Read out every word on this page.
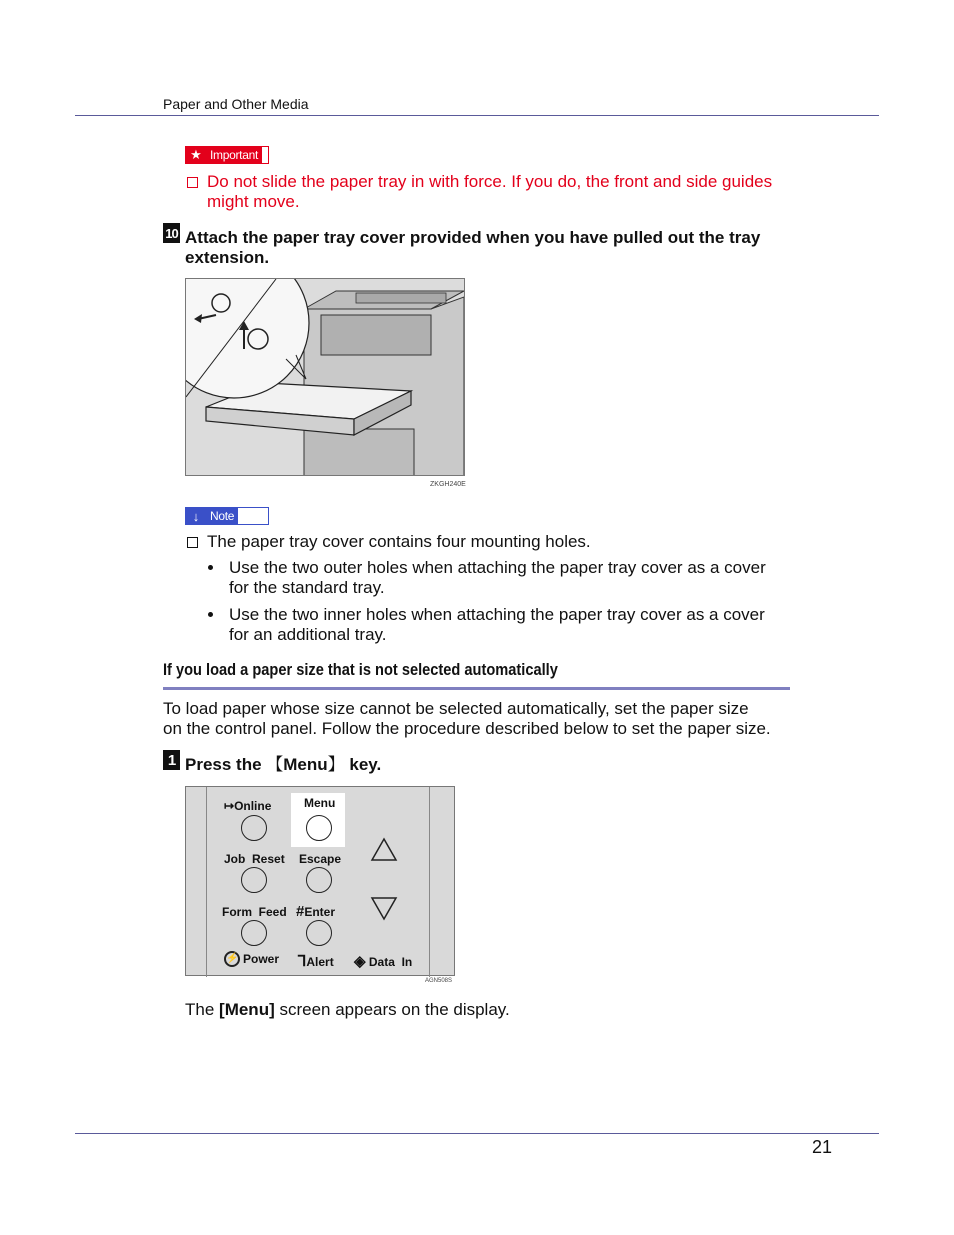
Paper and Other Media
★ Important
Do not slide the paper tray in with force. If you do, the front and side guides
might move.
10 Attach the paper tray cover provided when you have pulled out the tray
extension.
ZKGH240E
↓ Note
The paper tray cover contains four mounting holes.
Use the two outer holes when attaching the paper tray cover as a cover
for the standard tray.
Use the two inner holes when attaching the paper tray cover as a cover
for an additional tray.
If you load a paper size that is not selected automatically
To load paper whose size cannot be selected automatically, set the paper size
on the control panel. Follow the procedure described below to set the paper size.
1 Press the 【Menu】 key.
↦Online	Menu
Job  Reset Escape
Form  Feed #Enter
⚡ Power ꞀAlert ◈ Data  In
AGN508S
The [Menu] screen appears on the display.
21
